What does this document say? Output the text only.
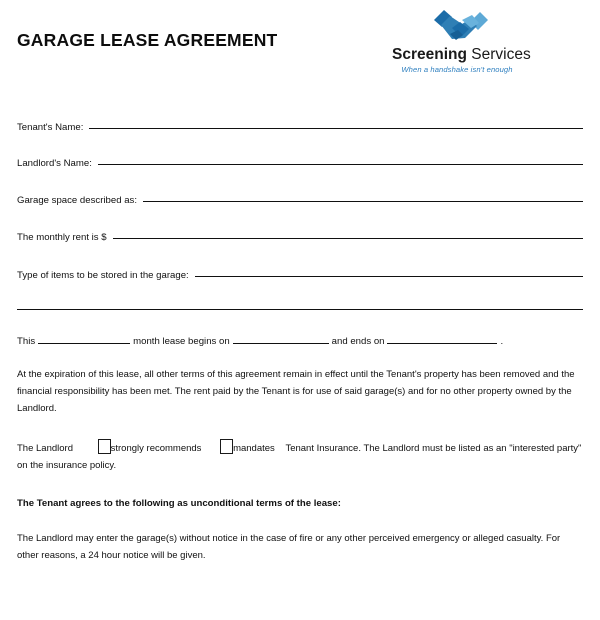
GARAGE LEASE AGREEMENT
Screening Services
When a handshake isn't enough
Tenant's Name:
Landlord's Name:
Garage space described as:
The monthly rent is $
Type of items to be stored in the garage:
This	month lease begins on	and ends on	.
At the expiration of this lease, all other terms of this agreement remain in effect until the Tenant's property has been removed and the financial responsibility has been met. The rent paid by the Tenant is for use of said garage(s) and for no other property owned by the Landlord.
The Landlord	strongly recommends	mandates Tenant Insurance. The Landlord must be listed as an "interested party" on the insurance policy.
The Tenant agrees to the following as unconditional terms of the lease:
The Landlord may enter the garage(s) without notice in the case of fire or any other perceived emergency or alleged casualty. For other reasons, a 24 hour notice will be given.
